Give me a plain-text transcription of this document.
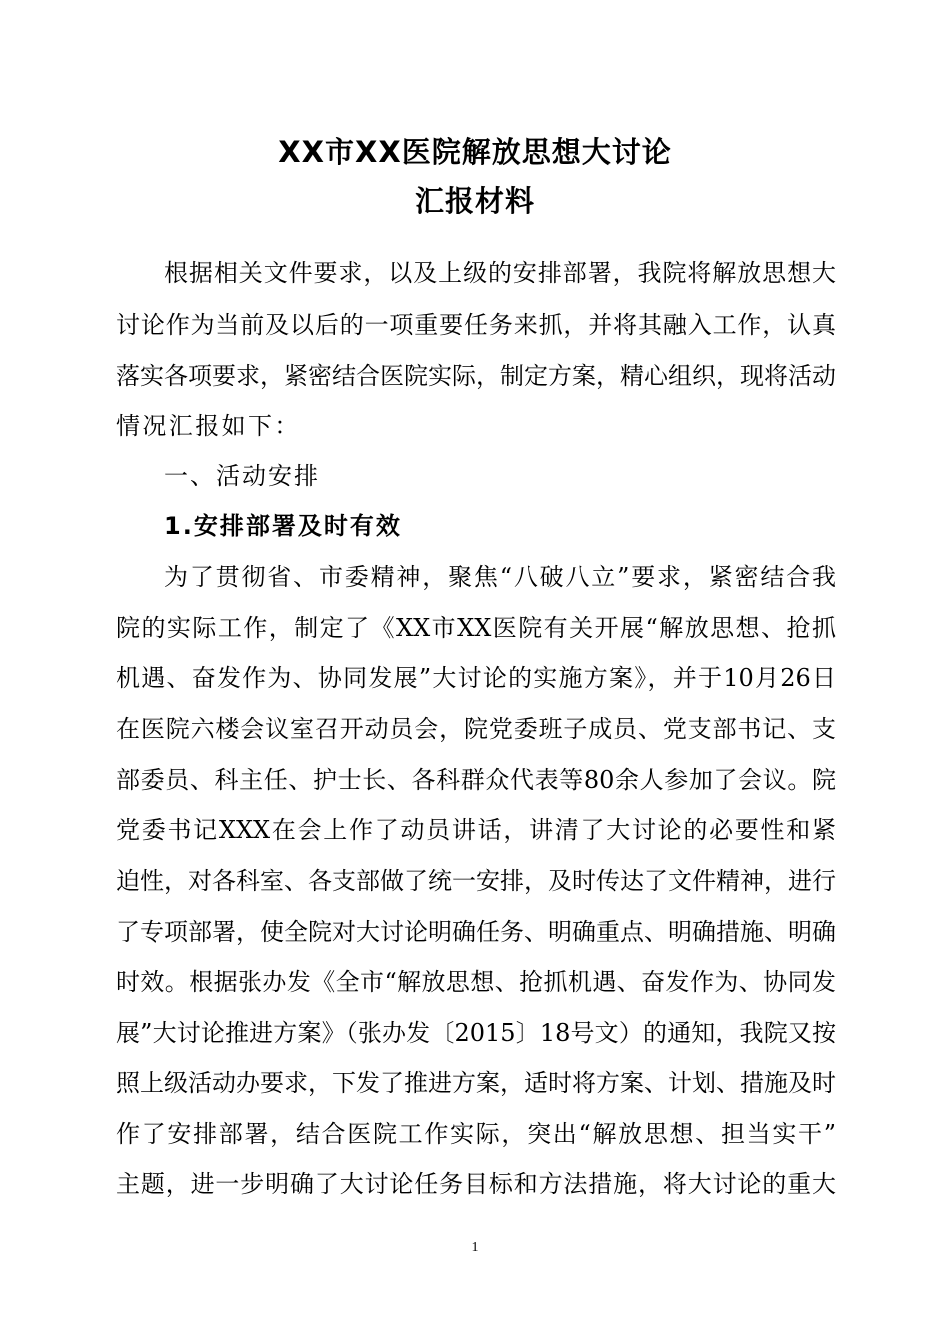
XX市XX医院解放思想大讨论
汇报材料
根据相关文件要求，以及上级的安排部署，我院将解放思想大
讨论作为当前及以后的一项重要任务来抓，并将其融入工作，认真
落实各项要求，紧密结合医院实际，制定方案，精心组织，现将活动
情况汇报如下：
一、活动安排
1.安排部署及时有效
为了贯彻省、市委精神，聚焦“八破八立”要求，紧密结合我
院的实际工作，制定了《XX市XX医院有关开展“解放思想、抢抓
机遇、奋发作为、协同发展”大讨论的实施方案》，并于10月26日
在医院六楼会议室召开动员会，院党委班子成员、党支部书记、支
部委员、科主任、护士长、各科群众代表等80余人参加了会议。院
党委书记XXX在会上作了动员讲话，讲清了大讨论的必要性和紧
迫性，对各科室、各支部做了统一安排，及时传达了文件精神，进行
了专项部署，使全院对大讨论明确任务、明确重点、明确措施、明确
时效。根据张办发《全市“解放思想、抢抓机遇、奋发作为、协同发
展”大讨论推进方案》（张办发〔2015〕18号文）的通知，我院又按
照上级活动办要求，下发了推进方案，适时将方案、计划、措施及时
作了安排部署，结合医院工作实际，突出“解放思想、担当实干”
主题，进一步明确了大讨论任务目标和方法措施，将大讨论的重大
1
